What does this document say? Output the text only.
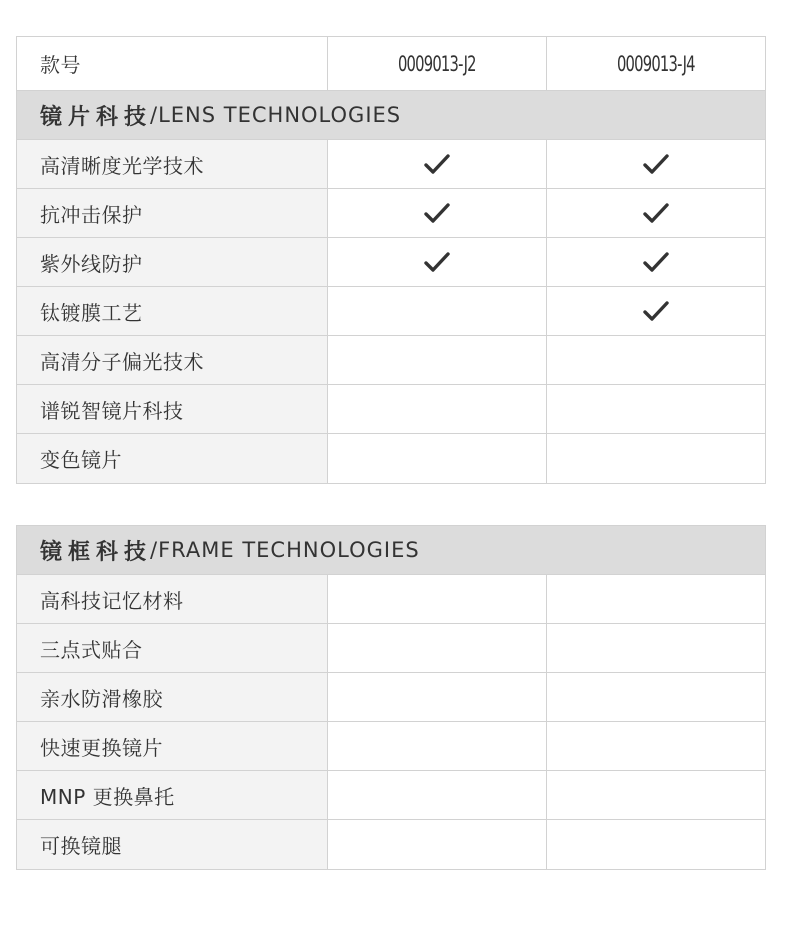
款号	0009013-J2	0009013-J4
镜片科技
/LENS TECHNOLOGIES
高清晰度光学技术
抗冲击保护
紫外线防护
钛镀膜工艺
高清分子偏光技术
谱锐智镜片科技
变色镜片
镜框科技
/FRAME TECHNOLOGIES
高科技记忆材料
三点式贴合
亲水防滑橡胶
快速更换镜片
MNP 更换鼻托
可换镜腿
